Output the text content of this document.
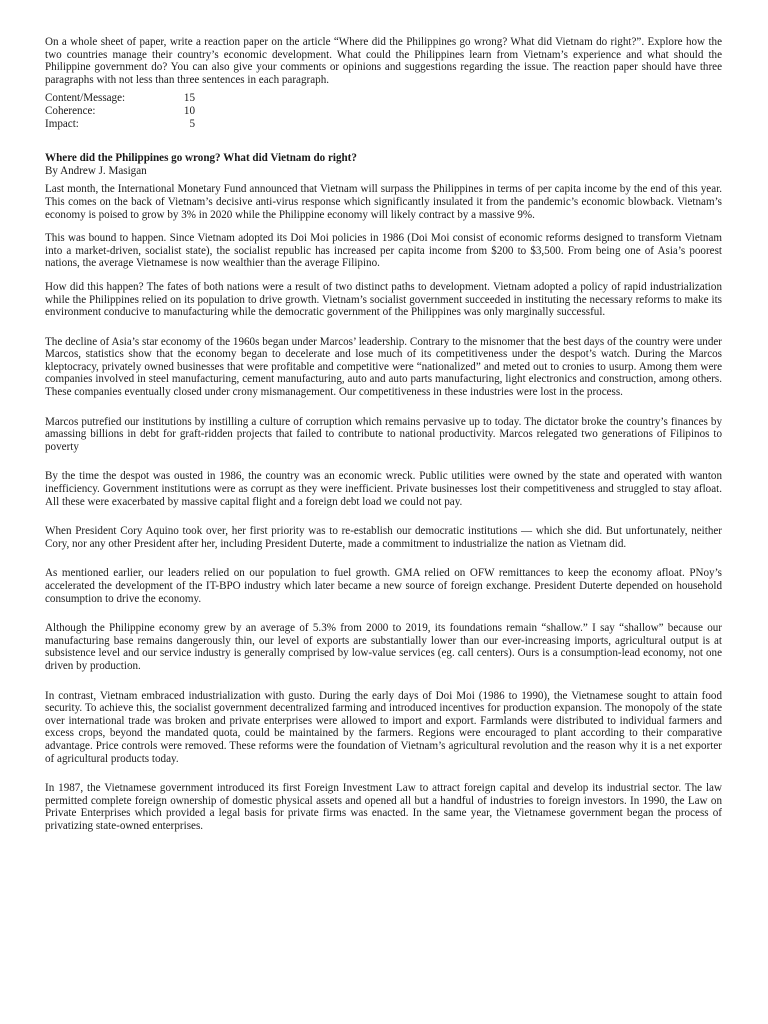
On a whole sheet of paper, write a reaction paper on the article “Where did the Philippines go wrong? What did Vietnam do right?”. Explore how the two countries manage their country’s economic development. What could the Philippines learn from Vietnam’s experience and what should the Philippine government do? You can also give your comments or opinions and suggestions regarding the issue. The reaction paper should have three paragraphs with not less than three sentences in each paragraph.

Content/Message:	15
Coherence:	10
Impact:	5

Where did the Philippines go wrong? What did Vietnam do right?

By Andrew J. Masigan

Last month, the International Monetary Fund announced that Vietnam will surpass the Philippines in terms of per capita income by the end of this year. This comes on the back of Vietnam’s decisive anti-virus response which significantly insulated it from the pandemic’s economic blowback. Vietnam’s economy is poised to grow by 3% in 2020 while the Philippine economy will likely contract by a massive 9%.

This was bound to happen. Since Vietnam adopted its Doi Moi policies in 1986 (Doi Moi consist of economic reforms designed to transform Vietnam into a market-driven, socialist state), the socialist republic has increased per capita income from $200 to $3,500. From being one of Asia’s poorest nations, the average Vietnamese is now wealthier than the average Filipino.

How did this happen? The fates of both nations were a result of two distinct paths to development. Vietnam adopted a policy of rapid industrialization while the Philippines relied on its population to drive growth. Vietnam’s socialist government succeeded in instituting the necessary reforms to make its environment conducive to manufacturing while the democratic government of the Philippines was only marginally successful.

The decline of Asia’s star economy of the 1960s began under Marcos’ leadership. Contrary to the misnomer that the best days of the country were under Marcos, statistics show that the economy began to decelerate and lose much of its competitiveness under the despot’s watch. During the Marcos kleptocracy, privately owned businesses that were profitable and competitive were “nationalized” and meted out to cronies to usurp. Among them were companies involved in steel manufacturing, cement manufacturing, auto and auto parts manufacturing, light electronics and construction, among others. These companies eventually closed under crony mismanagement. Our competitiveness in these industries were lost in the process.

Marcos putrefied our institutions by instilling a culture of corruption which remains pervasive up to today. The dictator broke the country’s finances by amassing billions in debt for graft-ridden projects that failed to contribute to national productivity. Marcos relegated two generations of Filipinos to poverty

By the time the despot was ousted in 1986, the country was an economic wreck. Public utilities were owned by the state and operated with wanton inefficiency. Government institutions were as corrupt as they were inefficient. Private businesses lost their competitiveness and struggled to stay afloat. All these were exacerbated by massive capital flight and a foreign debt load we could not pay.

When President Cory Aquino took over, her first priority was to re-establish our democratic institutions — which she did. But unfortunately, neither Cory, nor any other President after her, including President Duterte, made a commitment to industrialize the nation as Vietnam did.

As mentioned earlier, our leaders relied on our population to fuel growth. GMA relied on OFW remittances to keep the economy afloat. PNoy’s accelerated the development of the IT-BPO industry which later became a new source of foreign exchange. President Duterte depended on household consumption to drive the economy.

Although the Philippine economy grew by an average of 5.3% from 2000 to 2019, its foundations remain “shallow.” I say “shallow” because our manufacturing base remains dangerously thin, our level of exports are substantially lower than our ever-increasing imports, agricultural output is at subsistence level and our service industry is generally comprised by low-value services (eg. call centers). Ours is a consumption-lead economy, not one driven by production.

In contrast, Vietnam embraced industrialization with gusto. During the early days of Doi Moi (1986 to 1990), the Vietnamese sought to attain food security. To achieve this, the socialist government decentralized farming and introduced incentives for production expansion. The monopoly of the state over international trade was broken and private enterprises were allowed to import and export. Farmlands were distributed to individual farmers and excess crops, beyond the mandated quota, could be maintained by the farmers. Regions were encouraged to plant according to their comparative advantage. Price controls were removed. These reforms were the foundation of Vietnam’s agricultural revolution and the reason why it is a net exporter of agricultural products today.

In 1987, the Vietnamese government introduced its first Foreign Investment Law to attract foreign capital and develop its industrial sector. The law permitted complete foreign ownership of domestic physical assets and opened all but a handful of industries to foreign investors. In 1990, the Law on Private Enterprises which provided a legal basis for private firms was enacted. In the same year, the Vietnamese government began the process of privatizing state-owned enterprises.
